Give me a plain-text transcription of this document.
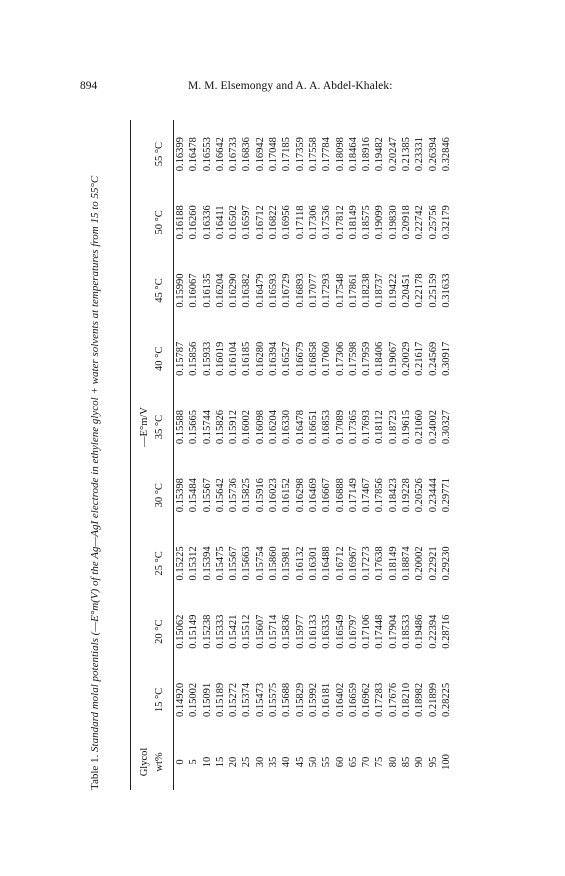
894	M. M. Elsemongy and A. A. Abdel-Khalek:
Table 1. Standard molal potentials (—E°m(V) of the Ag—AgI electrode in ethylene glycol + water solvents at temperatures from 15 to 55°C
Glycol					—E°m/V				
wt%	15 °C	20 °C	25 °C	30 °C	35 °C	40 °C	45 °C	50 °C	55 °C

0	0.14920	0.15062	0.15225	0.15398	0.15588	0.15787	0.15990	0.16188	0.16399
5	0.15002	0.15149	0.15312	0.15484	0.15665	0.15856	0.16067	0.16260	0.16478
10	0.15091	0.15238	0.15394	0.15567	0.15744	0.15933	0.16135	0.16336	0.16553
15	0.15189	0.15333	0.15475	0.15642	0.15826	0.16019	0.16204	0.16411	0.16642
20	0.15272	0.15421	0.15567	0.15736	0.15912	0.16104	0.16290	0.16502	0.16733
25	0.15374	0.15512	0.15663	0.15825	0.16002	0.16185	0.16382	0.16597	0.16836
30	0.15473	0.15607	0.15754	0.15916	0.16098	0.16280	0.16479	0.16712	0.16942
35	0.15575	0.15714	0.15860	0.16023	0.16204	0.16394	0.16593	0.16822	0.17048
40	0.15688	0.15836	0.15981	0.16152	0.16330	0.16527	0.16729	0.16956	0.17185
45	0.15829	0.15977	0.16132	0.16298	0.16478	0.16679	0.16893	0.17118	0.17359
50	0.15992	0.16133	0.16301	0.16469	0.16651	0.16858	0.17077	0.17306	0.17558
55	0.16181	0.16335	0.16488	0.16667	0.16853	0.17060	0.17293	0.17536	0.17784
60	0.16402	0.16549	0.16712	0.16888	0.17089	0.17306	0.17548	0.17812	0.18098
65	0.16659	0.16797	0.16967	0.17149	0.17365	0.17598	0.17861	0.18149	0.18464
70	0.16962	0.17106	0.17273	0.17467	0.17693	0.17959	0.18238	0.18575	0.18916
75	0.17283	0.17448	0.17638	0.17856	0.18112	0.18406	0.18737	0.19099	0.19482
80	0.17676	0.17904	0.18149	0.18423	0.18723	0.19067	0.19422	0.19830	0.20247
85	0.18210	0.18533	0.18874	0.19228	0.19615	0.20029	0.20451	0.20918	0.21385
90	0.18982	0.19486	0.20002	0.20526	0.21060	0.21617	0.22178	0.22742	0.23331
95	0.21899	0.22394	0.22921	0.23444	0.24002	0.24569	0.25159	0.25756	0.26394
100	0.28225	0.28716	0.29230	0.29771	0.30327	0.30917	0.31633	0.32179	0.32846
